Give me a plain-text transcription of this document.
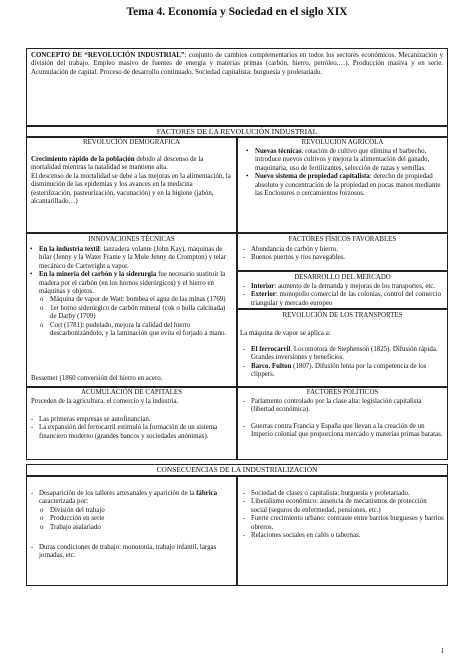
Tema 4. Economía y Sociedad en el siglo XIX
CONCEPTO DE “REVOLUCIÓN INDUSTRIAL”: conjunto de cambios complementarios en todos los sectores económicos. Mecanización y división del trabajo. Empleo masivo de fuentes de energía y materias primas (carbón, hierro, petróleo,…). Producción masiva y en serie. Acumulación de capital. Proceso de desarrollo continuado. Sociedad capitalista: burguesía y proletariado.
FACTORES DE LA REVOLUCIÓN INDUSTRIAL
REVOLUCIÓN DEMOGRÁFICA
Crecimiento rápido de la población debido al descenso de la mortalidad mientras la natalidad se mantiene alta.
El descenso de la mortalidad se debe a las mejoras en la alimentación, la disminución de las epidemias y los avances en la medicina (esterilización, pasteurización, vacunación) y en la higiene (jabón, alcantarillado…)
REVOLUCIÓN AGRÍCOLA
• Nuevas técnicas: rotación de cultivo que elimina el barbecho, introduce nuevos cultivos y mejora la alimentación del ganado, maquinaria, uso de fertilizantes, selección de razas y semillas.
• Nuevo sistema de propiedad capitalista: derecho de propiedad absoluto y concentración de la propiedad en pocas manos mediante las Enclosures o cercamientos forzosos.
INNOVACIONES TÉCNICAS
• En la industria textil: lanzadera volante (John Kay), máquinas de hilar (Jenny y la Water Frame y la Mule Jenny de Crompton) y telar mecánico de Cartwright a vapor.
• En la minería del carbón y la siderurgia fue necesario sustituir la madera por el carbón (en los hornos siderúrgicos) y el hierro en máquinas y objetos.
o Máquina de vapor de Watt: bombea el agua de las minas (1769)
o 1er horno siderúrgico de carbón mineral (cok o hulla calcinada) de Darby (1709)
o Cort (1781): pudelado, mejora la calidad del hierro descarbonizándolo, y la laminación que evita el forjado a mano.
Bessemer (1860 conversión del hierro en acero.
FACTORES FÍSICOS FAVORABLES
- Abundancia de carbón y hierro.
- Buenos puertos y ríos navegables.
DESARROLLO DEL MERCADO
- Interior: aumento de la demanda y mejoras de los transportes, etc.
- Exterior: monopolio comercial de las colonias, control del comercio triangular y mercado europeo
REVOLUCIÓN DE LOS TRANSPORTES
La máquina de vapor se aplica a:
- El ferrocarril. Locomotora de Stephenson (1825). Difusión rápida. Grandes inversiones y beneficios.
- Barco. Fulton (1807). Difusión lenta por la competencia de los clippers.
ACUMULACIÓN DE CAPITALES
Proceden de la agricultura, el comercio y la industria.
- Las primeras empresas se autofinancian.
- La expansión del ferrocarril estimuló la formación de un sistema financiero moderno (grandes bancos y sociedades anónimas).
FACTORES POLÍTICOS
- Parlamento controlado por la clase alta: legislación capitalista (libertad económica).
- Guerras contra Francia y España que llevan a la creación de un Imperio colonial que proporciona mercado y materias primas baratas.
CONSECUENCIAS DE LA INDUSTRIALIZACIÓN
- Desaparición de los talleres artesanales y aparición de la fábrica caracterizada por:
o División del trabajo
o Producción en serie
o Trabajo asalariado
- Duras condiciones de trabajo: monotonía, trabajo infantil, largas jornadas, etc.
- Sociedad de clases o capitalista: burguesía y proletariado.
- Liberalismo económico: ausencia de mecanismos de protección social (seguros de enfermedad, pensiones, etc.)
- Fuerte crecimiento urbano: contraste entre barrios burgueses y barrios obreros.
- Relaciones sociales en cafés o tabernas.
1
